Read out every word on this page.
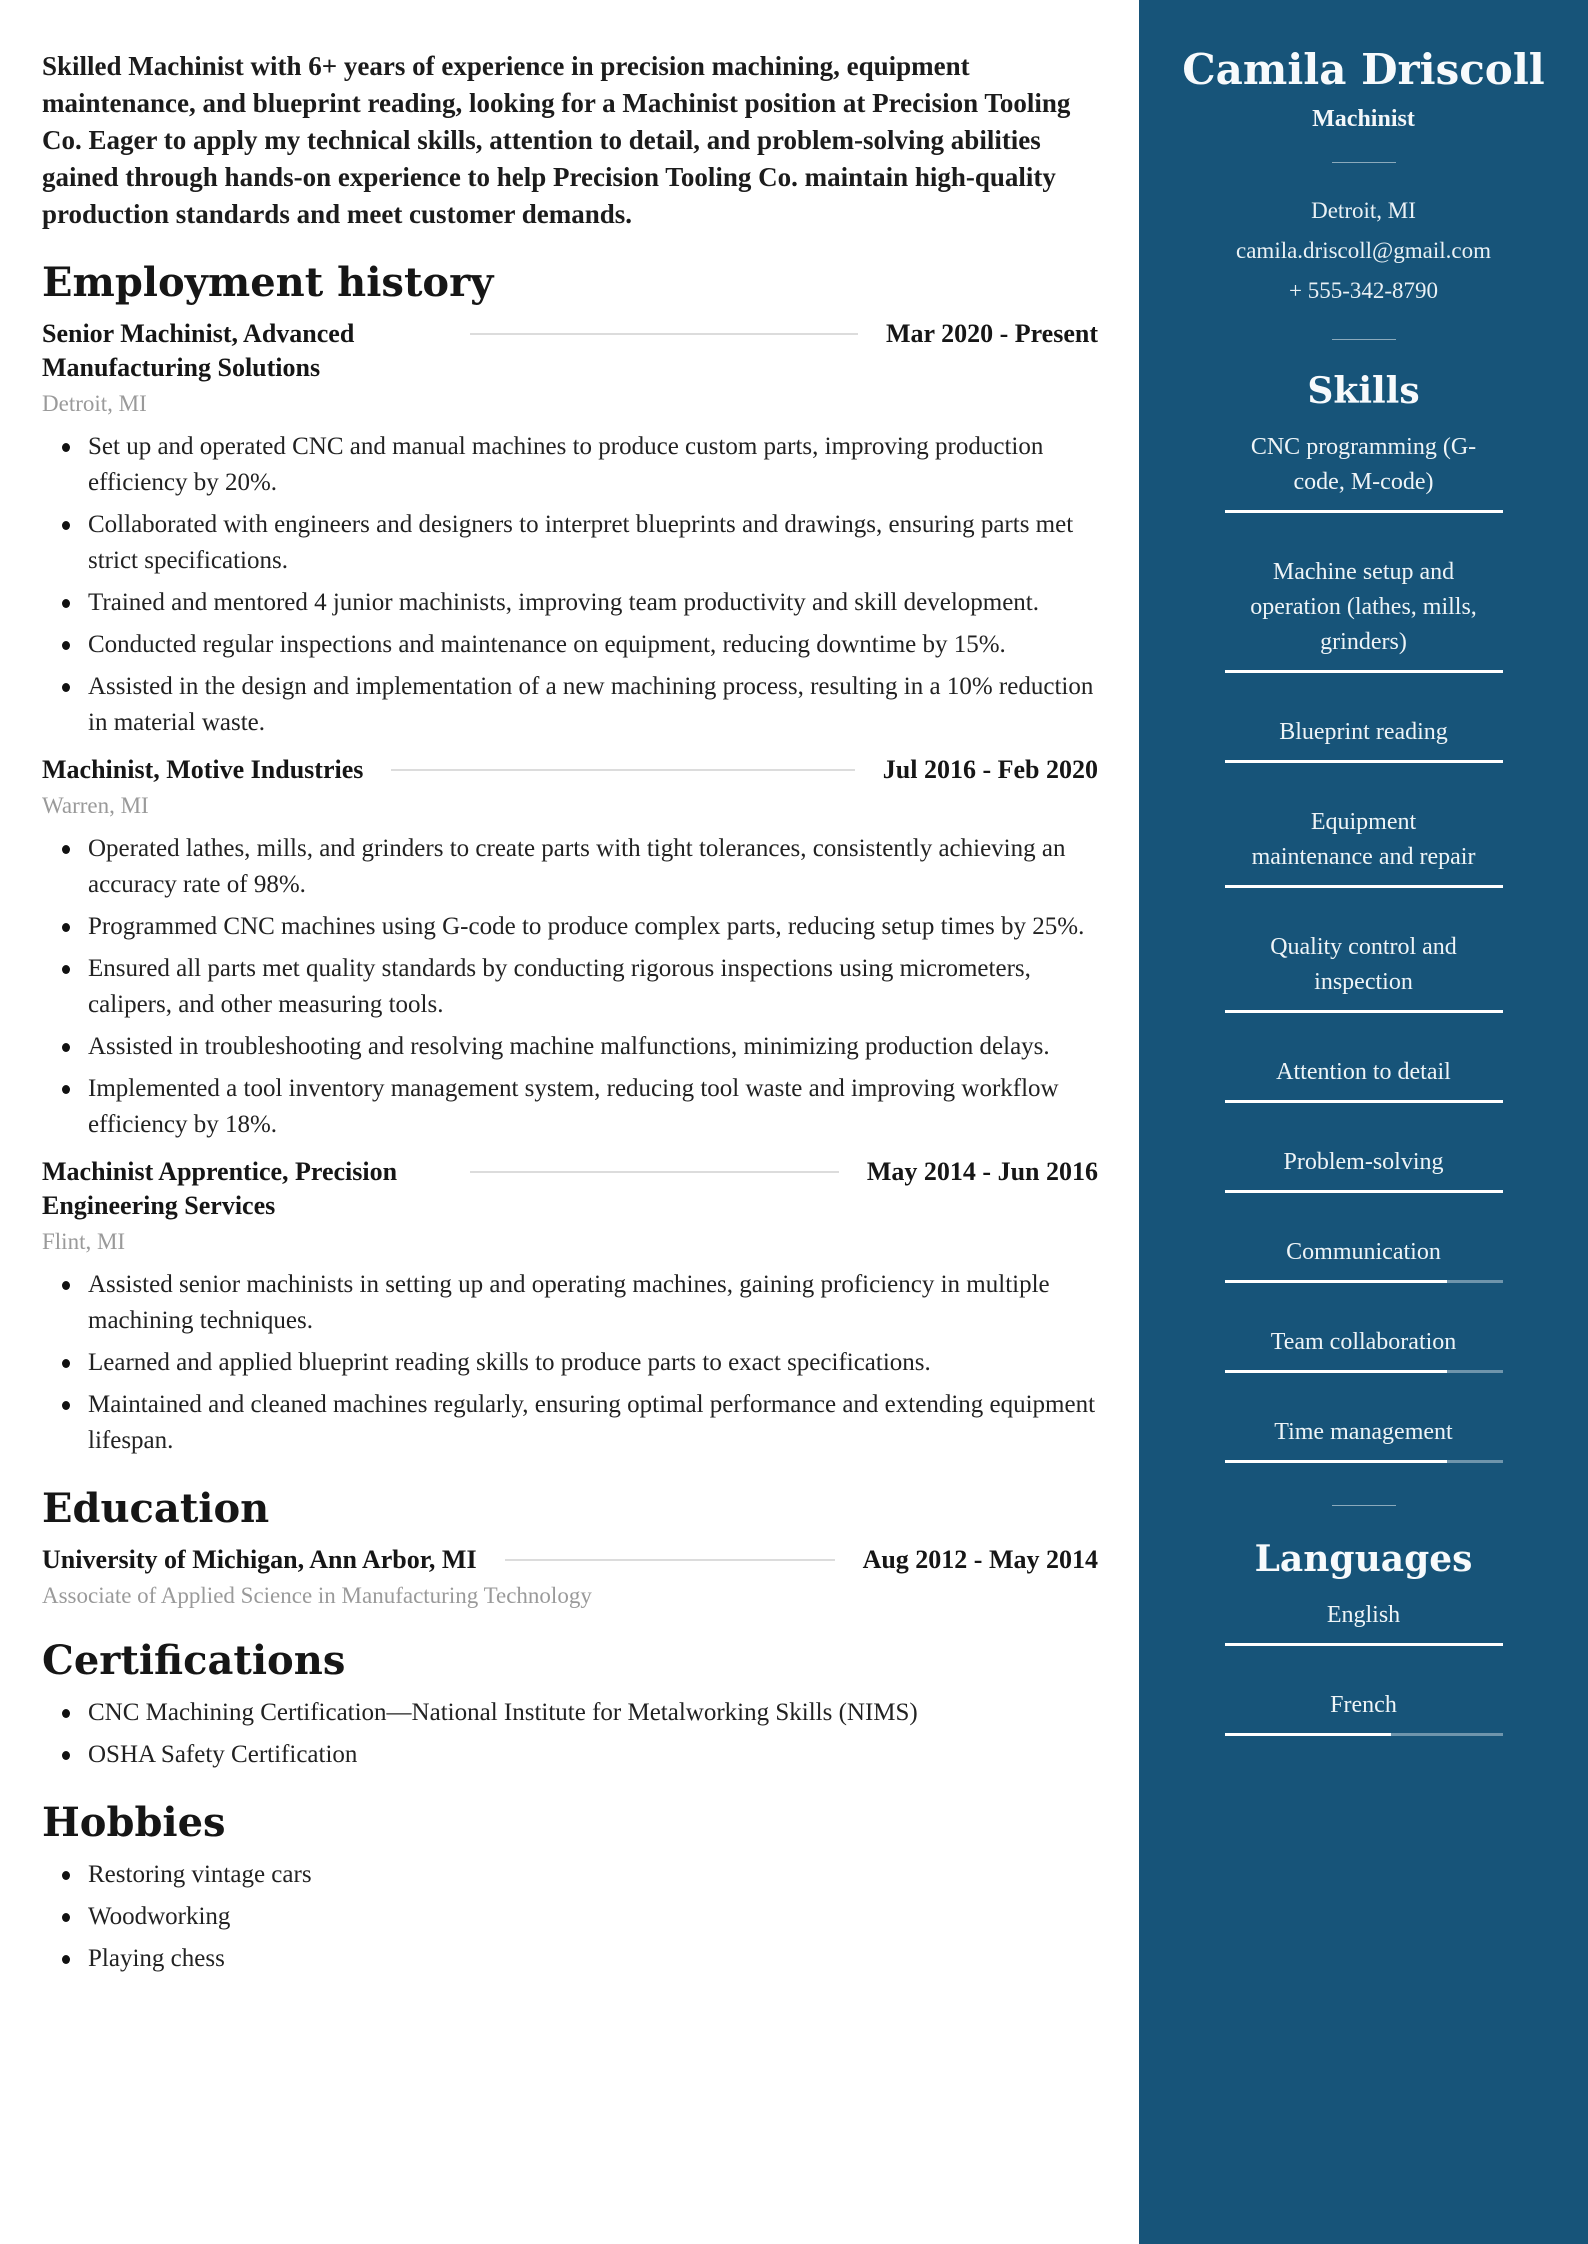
Skilled Machinist with 6+ years of experience in precision machining, equipment maintenance, and blueprint reading, looking for a Machinist position at Precision Tooling Co. Eager to apply my technical skills, attention to detail, and problem-solving abilities gained through hands-on experience to help Precision Tooling Co. maintain high-quality production standards and meet customer demands.

Employment history
Senior Machinist, Advanced Manufacturing Solutions
Mar 2020 - Present
Detroit, MI
Set up and operated CNC and manual machines to produce custom parts, improving production efficiency by 20%.
Collaborated with engineers and designers to interpret blueprints and drawings, ensuring parts met strict specifications.
Trained and mentored 4 junior machinists, improving team productivity and skill development.
Conducted regular inspections and maintenance on equipment, reducing downtime by 15%.
Assisted in the design and implementation of a new machining process, resulting in a 10% reduction in material waste.
Machinist, Motive Industries	Jul 2016 - Feb 2020
Warren, MI
Operated lathes, mills, and grinders to create parts with tight tolerances, consistently achieving an accuracy rate of 98%.
Programmed CNC machines using G-code to produce complex parts, reducing setup times by 25%.
Ensured all parts met quality standards by conducting rigorous inspections using micrometers, calipers, and other measuring tools.
Assisted in troubleshooting and resolving machine malfunctions, minimizing production delays.
Implemented a tool inventory management system, reducing tool waste and improving workflow efficiency by 18%.
Machinist Apprentice, Precision Engineering Services
May 2014 - Jun 2016
Flint, MI
Assisted senior machinists in setting up and operating machines, gaining proficiency in multiple machining techniques.
Learned and applied blueprint reading skills to produce parts to exact specifications.
Maintained and cleaned machines regularly, ensuring optimal performance and extending equipment lifespan.
Education
University of Michigan, Ann Arbor, MI	Aug 2012 - May 2014
Associate of Applied Science in Manufacturing Technology
Certifications
CNC Machining Certification—National Institute for Metalworking Skills (NIMS)
OSHA Safety Certification
Hobbies
Restoring vintage cars
Woodworking
Playing chess
Camila Driscoll
Machinist

Detroit, MI

camila.driscoll@gmail.com

+ 555-342-8790

Skills
CNC programming (G-code, M-code)
Machine setup and operation (lathes, mills, grinders)
Blueprint reading
Equipment maintenance and repair
Quality control and inspection
Attention to detail
Problem-solving
Communication
Team collaboration
Time management
Languages
English
French
